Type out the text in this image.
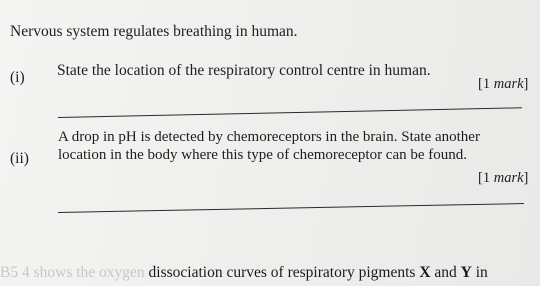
Nervous system regulates breathing in human.
(i) State the location of the respiratory control centre in human.
[1 mark]
(ii)
A drop in pH is detected by chemoreceptors in the brain. State another
location in the body where this type of chemoreceptor can be found.
[1 mark]
B5 4 shows the oxygen dissociation curves of respiratory pigments X and Y in
